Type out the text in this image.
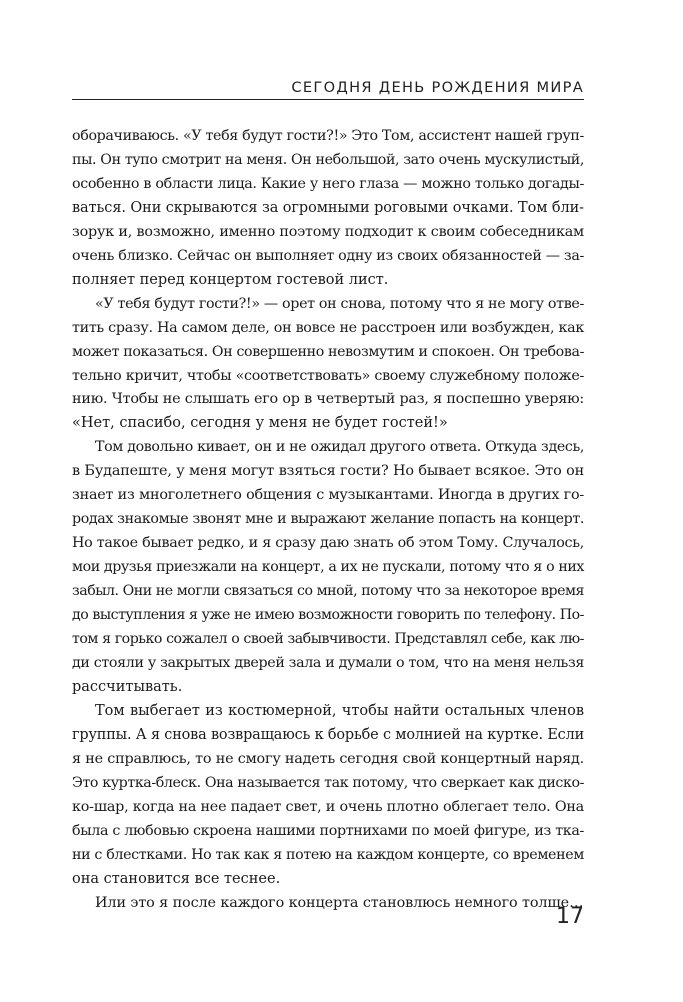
СЕГОДНЯ ДЕНЬ РОЖДЕНИЯ МИРА
оборачиваюсь. «У тебя будут гости?!» Это Том, ассистент нашей груп-
пы. Он тупо смотрит на меня. Он небольшой, зато очень мускулистый,
особенно в области лица. Какие у него глаза — можно только догады-
ваться. Они скрываются за огромными роговыми очками. Том бли-
зорук и, возможно, именно поэтому подходит к своим собеседникам
очень близко. Сейчас он выполняет одну из своих обязанностей — за-
полняет перед концертом гостевой лист.
«У тебя будут гости?!» — орет он снова, потому что я не могу отве-
тить сразу. На самом деле, он вовсе не расстроен или возбужден, как
может показаться. Он совершенно невозмутим и спокоен. Он требова-
тельно кричит, чтобы «соответствовать» своему служебному положе-
нию. Чтобы не слышать его ор в четвертый раз, я поспешно уверяю:
«Нет, спасибо, сегодня у меня не будет гостей!»
Том довольно кивает, он и не ожидал другого ответа. Откуда здесь,
в Будапеште, у меня могут взяться гости? Но бывает всякое. Это он
знает из многолетнего общения с музыкантами. Иногда в других го-
родах знакомые звонят мне и выражают желание попасть на концерт.
Но такое бывает редко, и я сразу даю знать об этом Тому. Случалось,
мои друзья приезжали на концерт, а их не пускали, потому что я о них
забыл. Они не могли связаться со мной, потому что за некоторое время
до выступления я уже не имею возможности говорить по телефону. По-
том я горько сожалел о своей забывчивости. Представлял себе, как лю-
ди стояли у закрытых дверей зала и думали о том, что на меня нельзя
рассчитывать.
Том выбегает из костюмерной, чтобы найти остальных членов
группы. А я снова возвращаюсь к борьбе с молнией на куртке. Если
я не справлюсь, то не смогу надеть сегодня свой концертный наряд.
Это куртка-блеск. Она называется так потому, что сверкает как диско-
ко-шар, когда на нее падает свет, и очень плотно облегает тело. Она
была с любовью скроена нашими портнихами по моей фигуре, из тка-
ни с блестками. Но так как я потею на каждом концерте, со временем
она становится все теснее.
Или это я после каждого концерта становлюсь немного толще…
17
